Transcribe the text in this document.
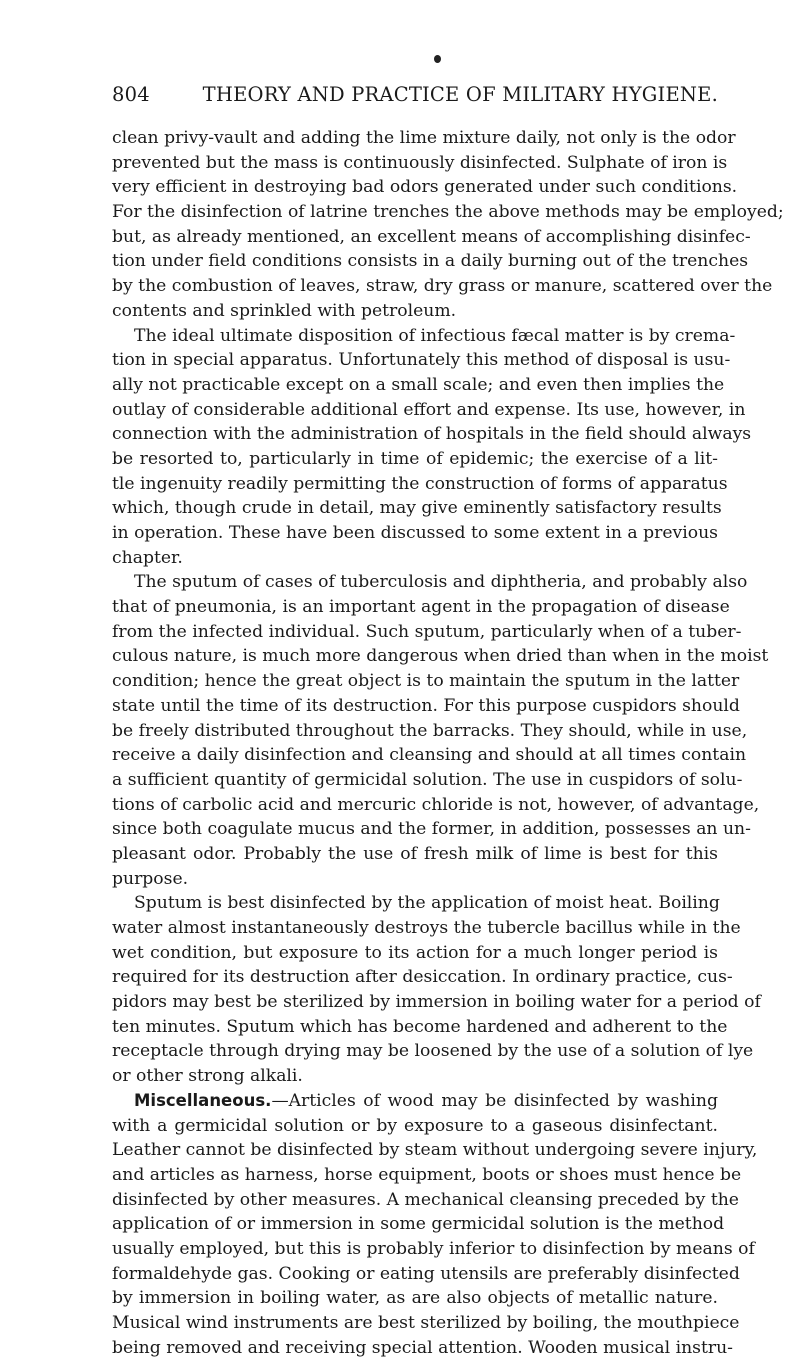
804	THEORY AND PRACTICE OF MILITARY HYGIENE.
clean privy-vault and adding the lime mixture daily, not only is the odor
prevented but the mass is continuously disinfected. Sulphate of iron is
very efficient in destroying bad odors generated under such conditions.
For the disinfection of latrine trenches the above methods may be employed;
but, as already mentioned, an excellent means of accomplishing disinfec-
tion under field conditions consists in a daily burning out of the trenches
by the combustion of leaves, straw, dry grass or manure, scattered over the
contents and sprinkled with petroleum.
The ideal ultimate disposition of infectious fæcal matter is by crema-
tion in special apparatus. Unfortunately this method of disposal is usu-
ally not practicable except on a small scale; and even then implies the
outlay of considerable additional effort and expense. Its use, however, in
connection with the administration of hospitals in the field should always
be resorted to, particularly in time of epidemic; the exercise of a lit-
tle ingenuity readily permitting the construction of forms of apparatus
which, though crude in detail, may give eminently satisfactory results
in operation. These have been discussed to some extent in a previous
chapter.
The sputum of cases of tuberculosis and diphtheria, and probably also
that of pneumonia, is an important agent in the propagation of disease
from the infected individual. Such sputum, particularly when of a tuber-
culous nature, is much more dangerous when dried than when in the moist
condition; hence the great object is to maintain the sputum in the latter
state until the time of its destruction. For this purpose cuspidors should
be freely distributed throughout the barracks. They should, while in use,
receive a daily disinfection and cleansing and should at all times contain
a sufficient quantity of germicidal solution. The use in cuspidors of solu-
tions of carbolic acid and mercuric chloride is not, however, of advantage,
since both coagulate mucus and the former, in addition, possesses an un-
pleasant odor. Probably the use of fresh milk of lime is best for this
purpose.
Sputum is best disinfected by the application of moist heat. Boiling
water almost instantaneously destroys the tubercle bacillus while in the
wet condition, but exposure to its action for a much longer period is
required for its destruction after desiccation. In ordinary practice, cus-
pidors may best be sterilized by immersion in boiling water for a period of
ten minutes. Sputum which has become hardened and adherent to the
receptacle through drying may be loosened by the use of a solution of lye
or other strong alkali.
Miscellaneous.—Articles of wood may be disinfected by washing
with a germicidal solution or by exposure to a gaseous disinfectant.
Leather cannot be disinfected by steam without undergoing severe injury,
and articles as harness, horse equipment, boots or shoes must hence be
disinfected by other measures. A mechanical cleansing preceded by the
application of or immersion in some germicidal solution is the method
usually employed, but this is probably inferior to disinfection by means of
formaldehyde gas. Cooking or eating utensils are preferably disinfected
by immersion in boiling water, as are also objects of metallic nature.
Musical wind instruments are best sterilized by boiling, the mouthpiece
being removed and receiving special attention. Wooden musical instru-
